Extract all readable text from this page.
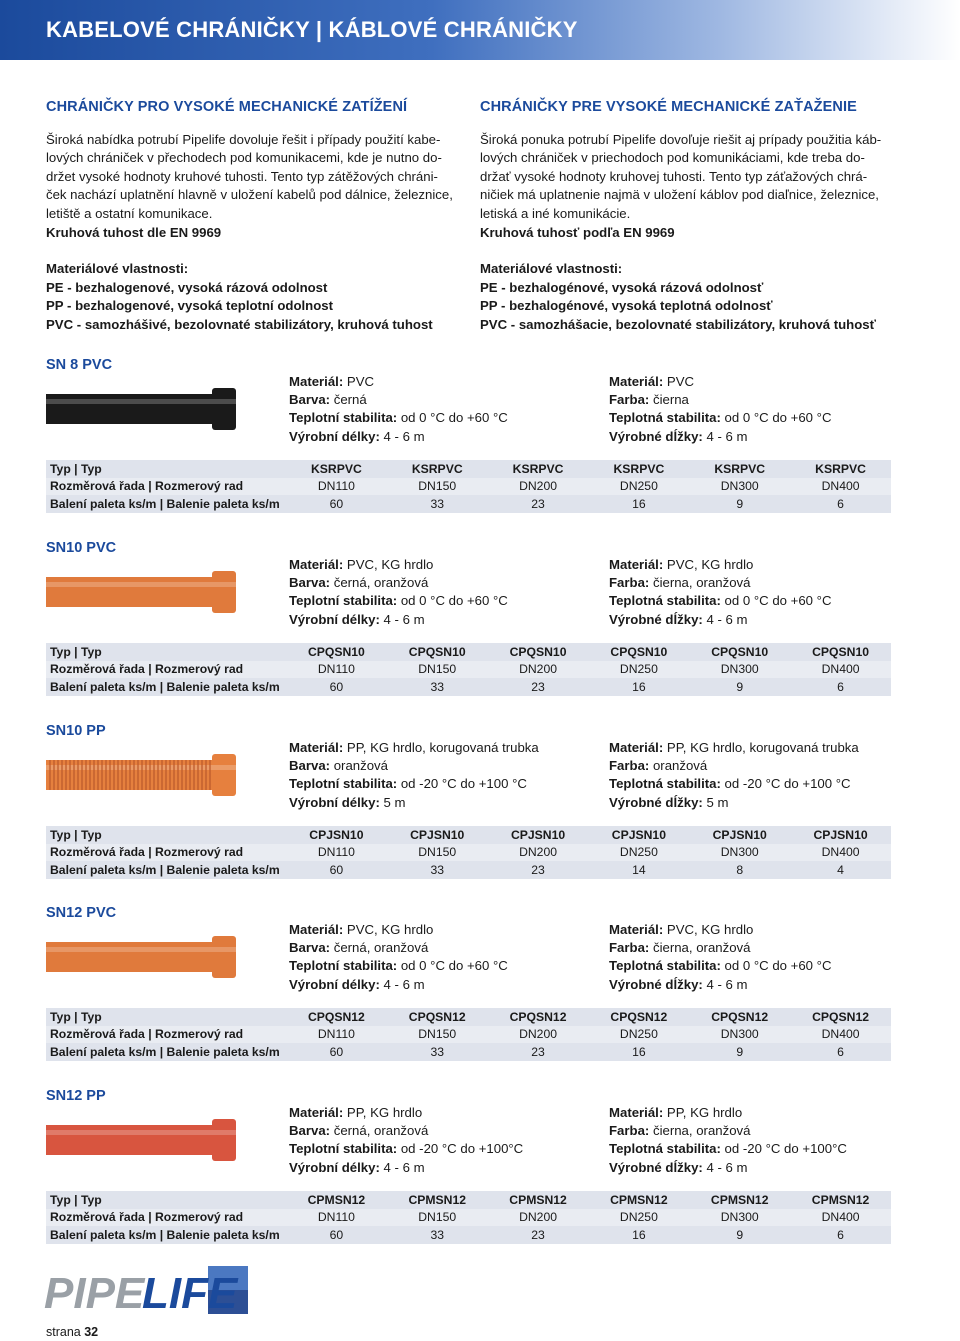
KABELOVÉ CHRÁNIČKY | KÁBLOVÉ CHRÁNIČKY
CHRÁNIČKY PRO VYSOKÉ MECHANICKÉ ZATÍŽENÍ

Široká nabídka potrubí Pipelife dovoluje řešit i případy použití kabe-

lových chrániček v přechodech pod komunikacemi, kde je nutno do-

držet vysoké hodnoty kruhové tuhosti. Tento typ zátěžových chráni-

ček nachází uplatnění hlavně v uložení kabelů pod dálnice, železnice,

letiště a ostatní komunikace.

Kruhová tuhost dle EN 9969

Materiálové vlastnosti:
PE - bezhalogenové, vysoká rázová odolnost
PP - bezhalogenové, vysoká teplotní odolnost
PVC - samozhášivé, bezolovnaté stabilizátory, kruhová tuhost
CHRÁNIČKY PRE VYSOKÉ MECHANICKÉ ZAŤAŽENIE

Široká ponuka potrubí Pipelife dovoľuje riešit aj prípady použitia káb-

lových chrániček v priechodoch pod komunikáciami, kde treba do-

držať vysoké hodnoty kruhovej tuhosti. Tento typ záťažových chrá-

ničiek má uplatnenie najmä v uložení káblov pod diaľnice, železnice,

letiská a iné komunikácie.

Kruhová tuhosť podľa EN 9969

Materiálové vlastnosti:
PE - bezhalogénové, vysoká rázová odolnosť
PP - bezhalogénové, vysoká teplotná odolnosť
PVC - samozhášacie, bezolovnaté stabilizátory, kruhová tuhosť
SN 8 PVC
Materiál: PVC
Barva: černá
Teplotní stabilita: od 0 °C do +60 °C
Výrobní délky: 4 - 6 m
Materiál: PVC
Farba: čierna
Teplotná stabilita: od 0 °C do +60 °C
Výrobné dĺžky: 4 - 6 m
Typ | Typ	KSRPVC	KSRPVC	KSRPVC	KSRPVC	KSRPVC	KSRPVC
Rozměrová řada | Rozmerový rad	DN110	DN150	DN200	DN250	DN300	DN400
Balení paleta ks/m | Balenie paleta ks/m	60	33	23	16	9	6
SN10 PVC
Materiál: PVC, KG hrdlo
Barva: černá, oranžová
Teplotní stabilita: od 0 °C do +60 °C
Výrobní délky: 4 - 6 m
Materiál: PVC, KG hrdlo
Farba: čierna, oranžová
Teplotná stabilita: od 0 °C do +60 °C
Výrobné dĺžky: 4 - 6 m
Typ | Typ	CPQSN10	CPQSN10	CPQSN10	CPQSN10	CPQSN10	CPQSN10
Rozměrová řada | Rozmerový rad	DN110	DN150	DN200	DN250	DN300	DN400
Balení paleta ks/m | Balenie paleta ks/m	60	33	23	16	9	6
SN10 PP
Materiál: PP, KG hrdlo, korugovaná trubka
Barva: oranžová
Teplotní stabilita: od -20 °C do +100 °C
Výrobní délky: 5 m
Materiál: PP, KG hrdlo, korugovaná trubka
Farba: oranžová
Teplotná stabilita: od -20 °C do +100 °C
Výrobné dĺžky: 5 m
Typ | Typ	CPJSN10	CPJSN10	CPJSN10	CPJSN10	CPJSN10	CPJSN10
Rozměrová řada | Rozmerový rad	DN110	DN150	DN200	DN250	DN300	DN400
Balení paleta ks/m | Balenie paleta ks/m	60	33	23	14	8	4
SN12 PVC
Materiál: PVC, KG hrdlo
Barva: černá, oranžová
Teplotní stabilita: od 0 °C do +60 °C
Výrobní délky: 4 - 6 m
Materiál: PVC, KG hrdlo
Farba: čierna, oranžová
Teplotná stabilita: od 0 °C do +60 °C
Výrobné dĺžky: 4 - 6 m
Typ | Typ	CPQSN12	CPQSN12	CPQSN12	CPQSN12	CPQSN12	CPQSN12
Rozměrová řada | Rozmerový rad	DN110	DN150	DN200	DN250	DN300	DN400
Balení paleta ks/m | Balenie paleta ks/m	60	33	23	16	9	6
SN12 PP
Materiál: PP, KG hrdlo
Barva: černá, oranžová
Teplotní stabilita: od -20 °C do +100°C
Výrobní délky: 4 - 6 m
Materiál: PP, KG hrdlo
Farba: čierna, oranžová
Teplotná stabilita: od -20 °C do +100°C
Výrobné dĺžky: 4 - 6 m
Typ | Typ	CPMSN12	CPMSN12	CPMSN12	CPMSN12	CPMSN12	CPMSN12
Rozměrová řada | Rozmerový rad	DN110	DN150	DN200	DN250	DN300	DN400
Balení paleta ks/m | Balenie paleta ks/m	60	33	23	16	9	6
PIPE
LIFE
strana 32
